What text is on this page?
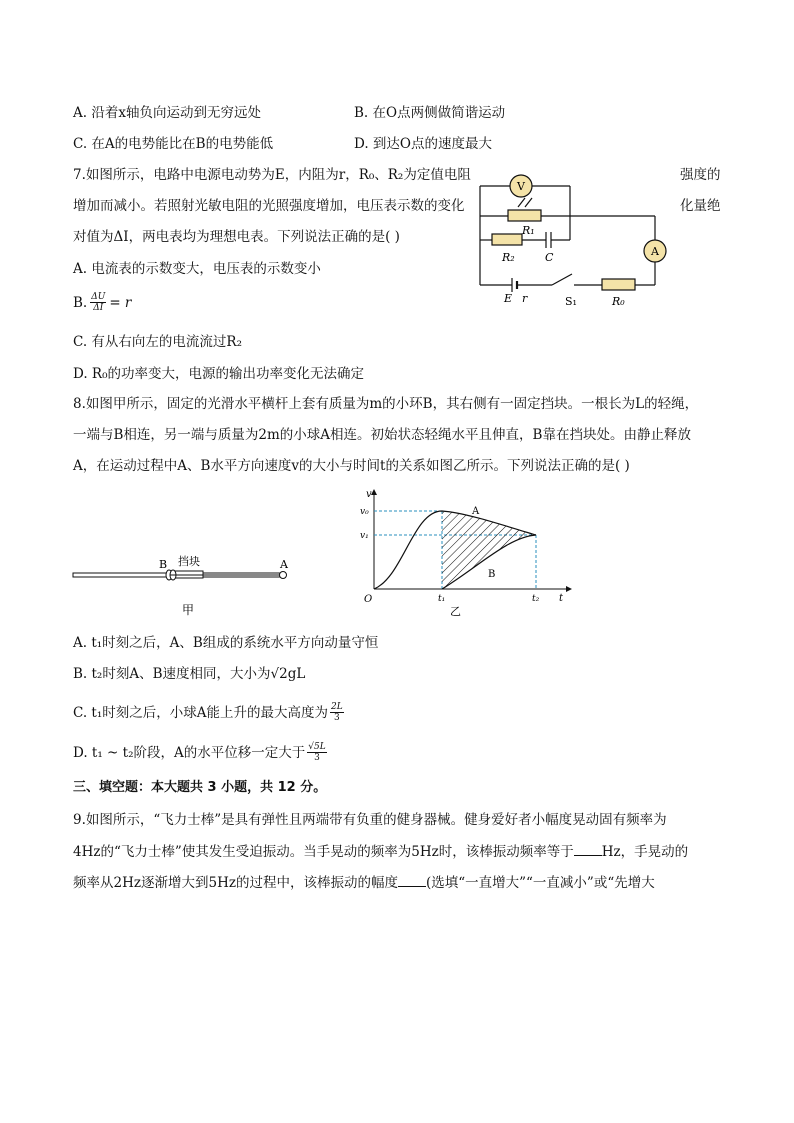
A. 沿着x轴负向运动到无穷远处	B. 在O点两侧做简谐运动
C. 在A的电势能比在B的电势能低	D. 到达O点的速度最大
7.如图所示，电路中电源电动势为E，内阻为r，R₀、R₂为定值电阻	强度的
增加而减小。若照射光敏电阻的光照强度增加，电压表示数的变化	化量绝
对值为ΔI，两电表均为理想电表。下列说法正确的是( )
A. 电流表的示数变大，电压表的示数变小
B. $\frac{\Delta U}{\Delta I} = r$
C. 有从右向左的电流流过R₂
D. R₀的功率变大，电源的输出功率变化无法确定
V
A
R₁
R₂	C
E r	S₁	R₀
8.如图甲所示，固定的光滑水平横杆上套有质量为m的小环B，其右侧有一固定挡块。一根长为L的轻绳，
一端与B相连，另一端与质量为2m的小球A相连。初始状态轻绳水平且伸直，B靠在挡块处。由静止释放
A，在运动过程中A、B水平方向速度v的大小与时间t的关系如图乙所示。下列说法正确的是( )
B 挡块	A
甲
v
v₀
v₁
O	t₁	t₂ t
A
B
乙
A. t₁时刻之后，A、B组成的系统水平方向动量守恒
B. t₂时刻A、B速度相同，大小为√2gL
C. t₁时刻之后，小球A能上升的最大高度为 $\frac{2L}{3}$
D. t₁ ~ t₂阶段，A的水平位移一定大于 $\frac{√5L}{3}$
三、填空题：本大题共 3 小题，共 12 分。
9.如图所示，“飞力士棒”是具有弹性且两端带有负重的健身器械。健身爱好者小幅度晃动固有频率为
4Hz的“飞力士棒”使其发生受迫振动。当手晃动的频率为5Hz时，该棒振动频率等于 Hz，手晃动的
频率从2Hz逐渐增大到5Hz的过程中，该棒振动的幅度 (选填“一直增大”“一直减小”或“先增大
